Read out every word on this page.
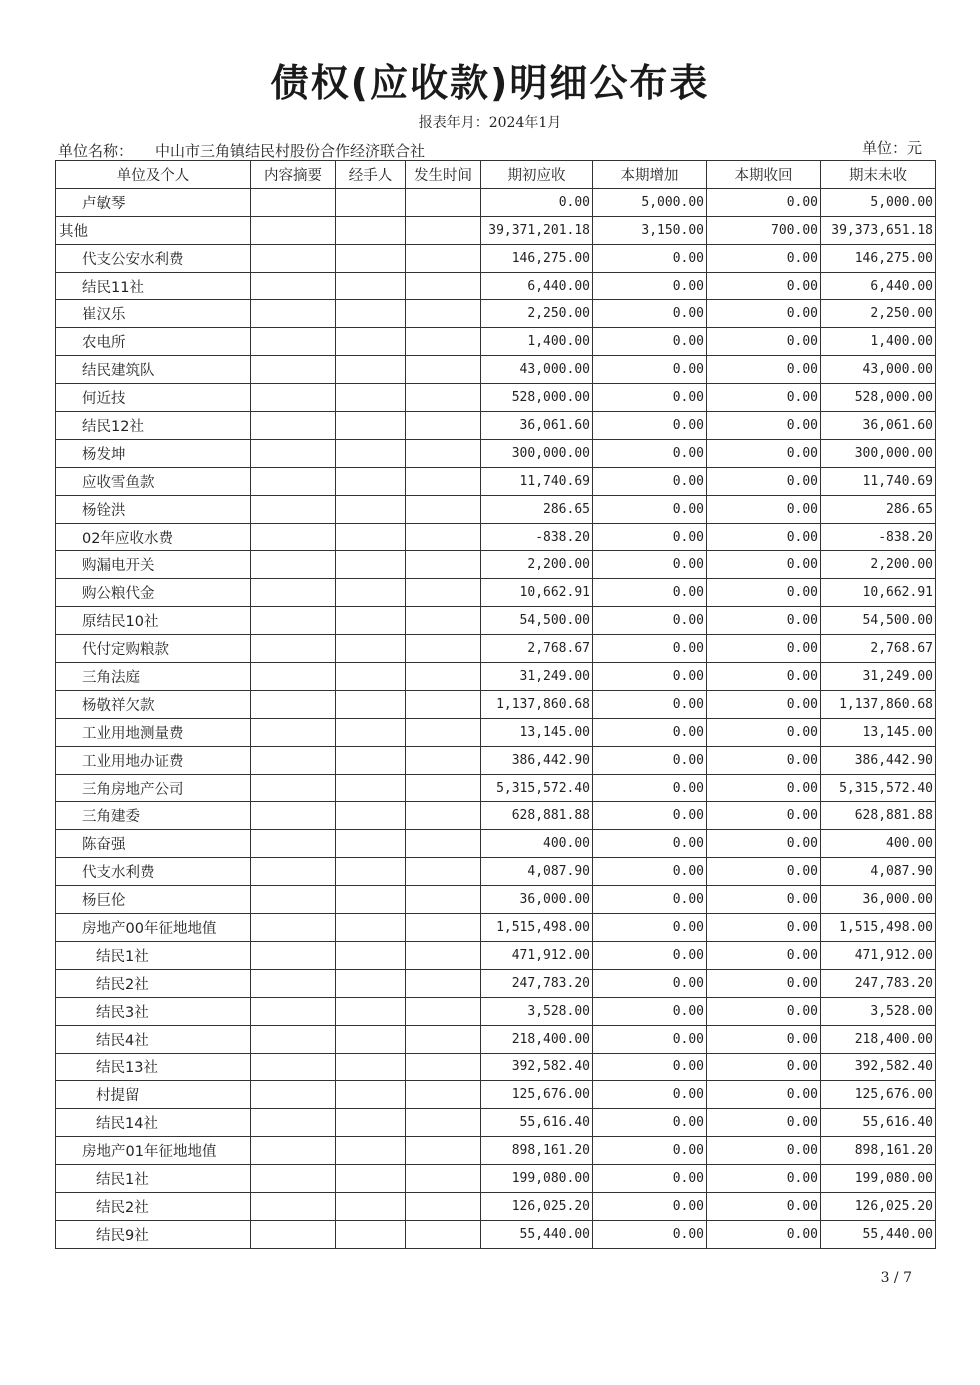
债权(应收款)明细公布表
报表年月：2024年1月
单位名称： 中山市三角镇结民村股份合作经济联合社	单位：元
单位及个人	内容摘要	经手人	发生时间	期初应收	本期增加	本期收回	期末未收
卢敏琴				0.00	5,000.00	0.00	5,000.00
其他				39,371,201.18	3,150.00	700.00	39,373,651.18
代支公安水利费				146,275.00	0.00	0.00	146,275.00
结民11社				6,440.00	0.00	0.00	6,440.00
崔汉乐				2,250.00	0.00	0.00	2,250.00
农电所				1,400.00	0.00	0.00	1,400.00
结民建筑队				43,000.00	0.00	0.00	43,000.00
何近技				528,000.00	0.00	0.00	528,000.00
结民12社				36,061.60	0.00	0.00	36,061.60
杨发坤				300,000.00	0.00	0.00	300,000.00
应收雪鱼款				11,740.69	0.00	0.00	11,740.69
杨铨洪				286.65	0.00	0.00	286.65
02年应收水费				-838.20	0.00	0.00	-838.20
购漏电开关				2,200.00	0.00	0.00	2,200.00
购公粮代金				10,662.91	0.00	0.00	10,662.91
原结民10社				54,500.00	0.00	0.00	54,500.00
代付定购粮款				2,768.67	0.00	0.00	2,768.67
三角法庭				31,249.00	0.00	0.00	31,249.00
杨敬祥欠款				1,137,860.68	0.00	0.00	1,137,860.68
工业用地测量费				13,145.00	0.00	0.00	13,145.00
工业用地办证费				386,442.90	0.00	0.00	386,442.90
三角房地产公司				5,315,572.40	0.00	0.00	5,315,572.40
三角建委				628,881.88	0.00	0.00	628,881.88
陈奋强				400.00	0.00	0.00	400.00
代支水利费				4,087.90	0.00	0.00	4,087.90
杨巨伦				36,000.00	0.00	0.00	36,000.00
房地产00年征地地值				1,515,498.00	0.00	0.00	1,515,498.00
结民1社				471,912.00	0.00	0.00	471,912.00
结民2社				247,783.20	0.00	0.00	247,783.20
结民3社				3,528.00	0.00	0.00	3,528.00
结民4社				218,400.00	0.00	0.00	218,400.00
结民13社				392,582.40	0.00	0.00	392,582.40
村提留				125,676.00	0.00	0.00	125,676.00
结民14社				55,616.40	0.00	0.00	55,616.40
房地产01年征地地值				898,161.20	0.00	0.00	898,161.20
结民1社				199,080.00	0.00	0.00	199,080.00
结民2社				126,025.20	0.00	0.00	126,025.20
结民9社				55,440.00	0.00	0.00	55,440.00
3 / 7
